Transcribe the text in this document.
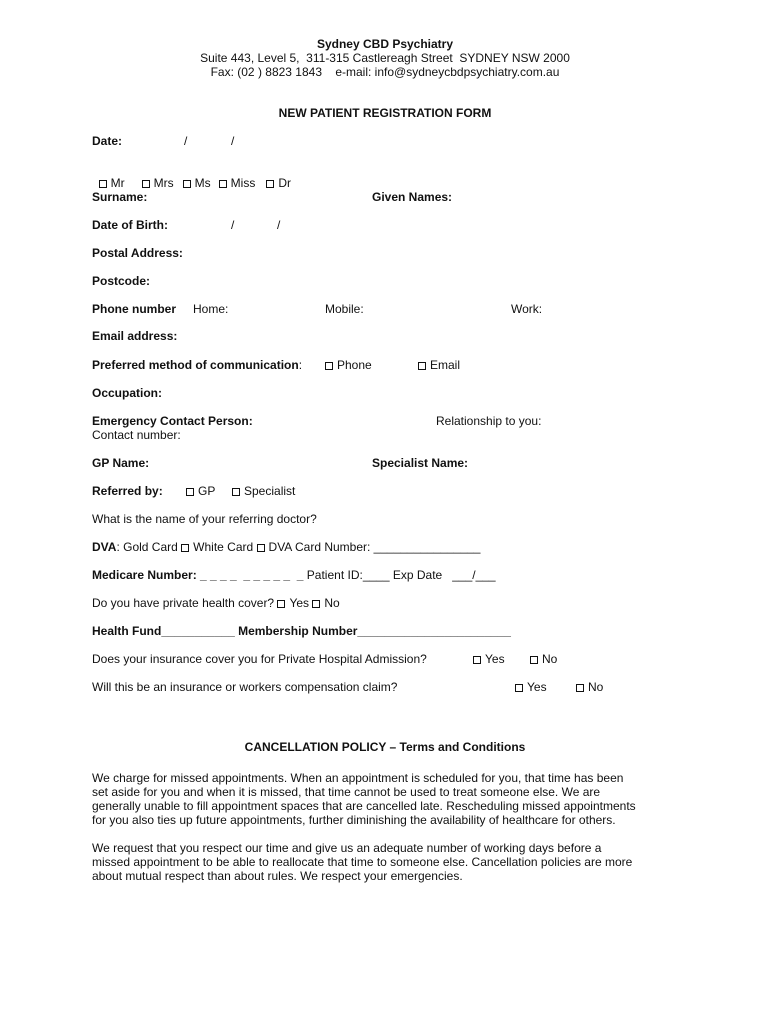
Sydney CBD Psychiatry
Suite 443, Level 5,  311-315 Castlereagh Street  SYDNEY NSW 2000
Fax: (02 ) 8823 1843    e-mail: info@sydneycbdpsychiatry.com.au
NEW PATIENT REGISTRATION FORM
Date:	/	/

Mr Mrs Ms Miss Dr

Surname:	Given Names:
Date of Birth:	/	/
Postal Address:
Postcode:
Phone number Home:	Mobile:	Work:
Email address:
Preferred method of communication:	Phone	Email
Occupation:
Emergency Contact Person:	Relationship to you:
Contact number:
GP Name:	Specialist Name:
Referred by:	GP	Specialist
What is the name of your referring doctor?
DVA: Gold Card White Card DVA Card Number: ________________
Medicare Number: _ _ _ _  _ _ _ _ _  _ Patient ID:____ Exp Date   ___/___
Do you have private health cover? Yes No
Health Fund___________ Membership Number_______________________
Does your insurance cover you for Private Hospital Admission?	Yes	No
Will this be an insurance or workers compensation claim?	Yes	No
CANCELLATION POLICY – Terms and Conditions

We charge for missed appointments. When an appointment is scheduled for you, that time has been

set aside for you and when it is missed, that time cannot be used to treat someone else. We are

generally unable to fill appointment spaces that are cancelled late. Rescheduling missed appointments

for you also ties up future appointments, further diminishing the availability of healthcare for others.

We request that you respect our time and give us an adequate number of working days before a

missed appointment to be able to reallocate that time to someone else. Cancellation policies are more

about mutual respect than about rules. We respect your emergencies.
